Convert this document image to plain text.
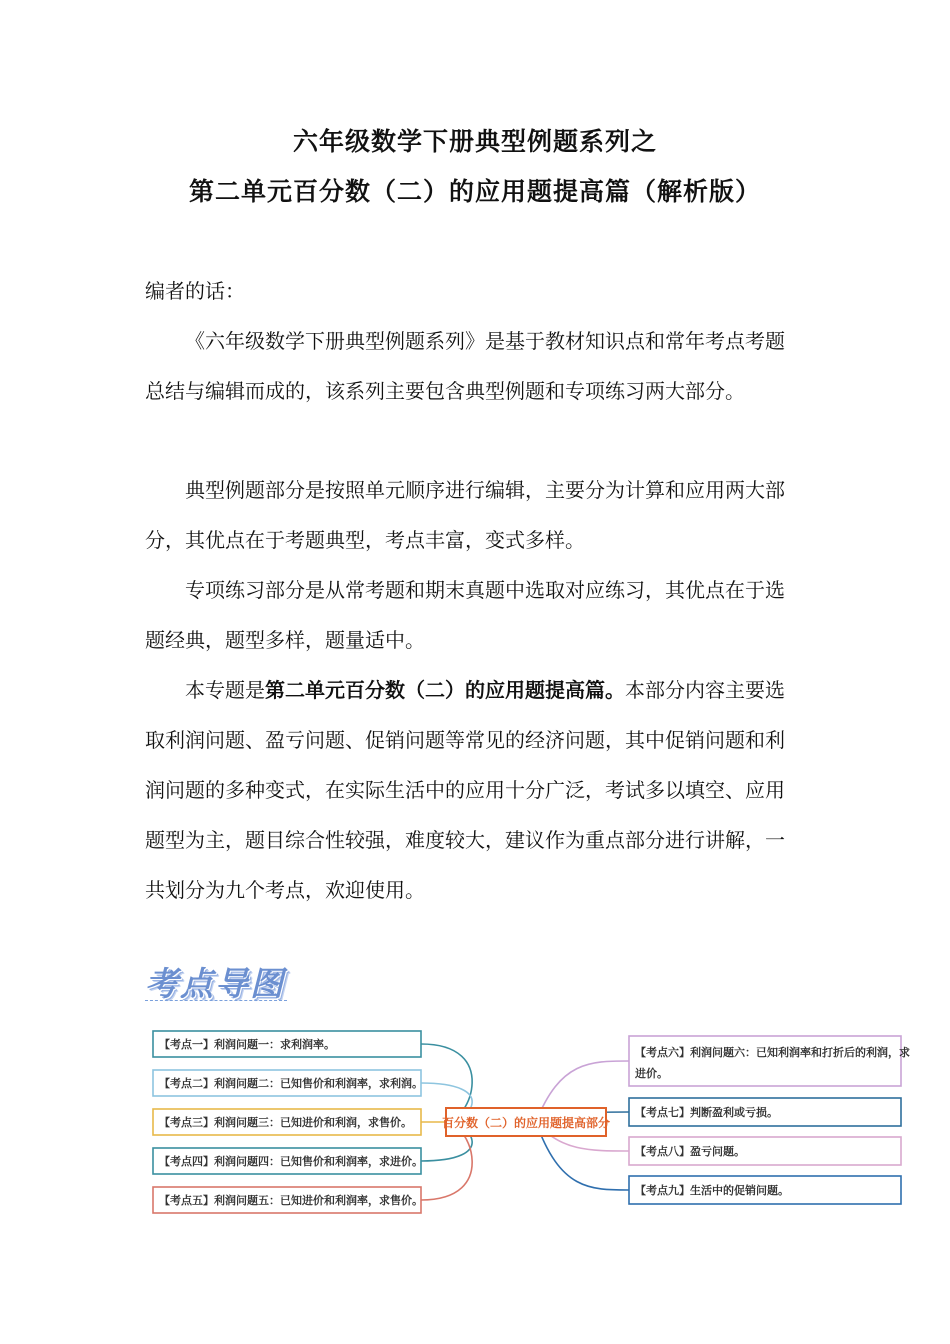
六年级数学下册典型例题系列之
第二单元百分数（二）的应用题提高篇（解析版）

编者的话：

《六年级数学下册典型例题系列》是基于教材知识点和常年考点考题总结与编辑而成的，该系列主要包含典型例题和专项练习两大部分。

典型例题部分是按照单元顺序进行编辑，主要分为计算和应用两大部分，其优点在于考题典型，考点丰富，变式多样。

专项练习部分是从常考题和期末真题中选取对应练习，其优点在于选题经典，题型多样，题量适中。

本专题是第二单元百分数（二）的应用题提高篇。本部分内容主要选取利润问题、盈亏问题、促销问题等常见的经济问题，其中促销问题和利润问题的多种变式，在实际生活中的应用十分广泛，考试多以填空、应用题型为主，题目综合性较强，难度较大，建议作为重点部分进行讲解，一共划分为九个考点，欢迎使用。

考点导图
【考点一】利润问题一：求利润率。
【考点二】利润问题二：已知售价和利润率，求利润。
【考点三】利润问题三：已知进价和利润，求售价。
【考点四】利润问题四：已知售价和利润率，求进价。
【考点五】利润问题五：已知进价和利润率，求售价。
【考点六】利润问题六：已知利润率和打折后的利润，求
进价。
【考点七】判断盈利或亏损。
【考点八】盈亏问题。
【考点九】生活中的促销问题。
百分数（二）的应用题提高部分
